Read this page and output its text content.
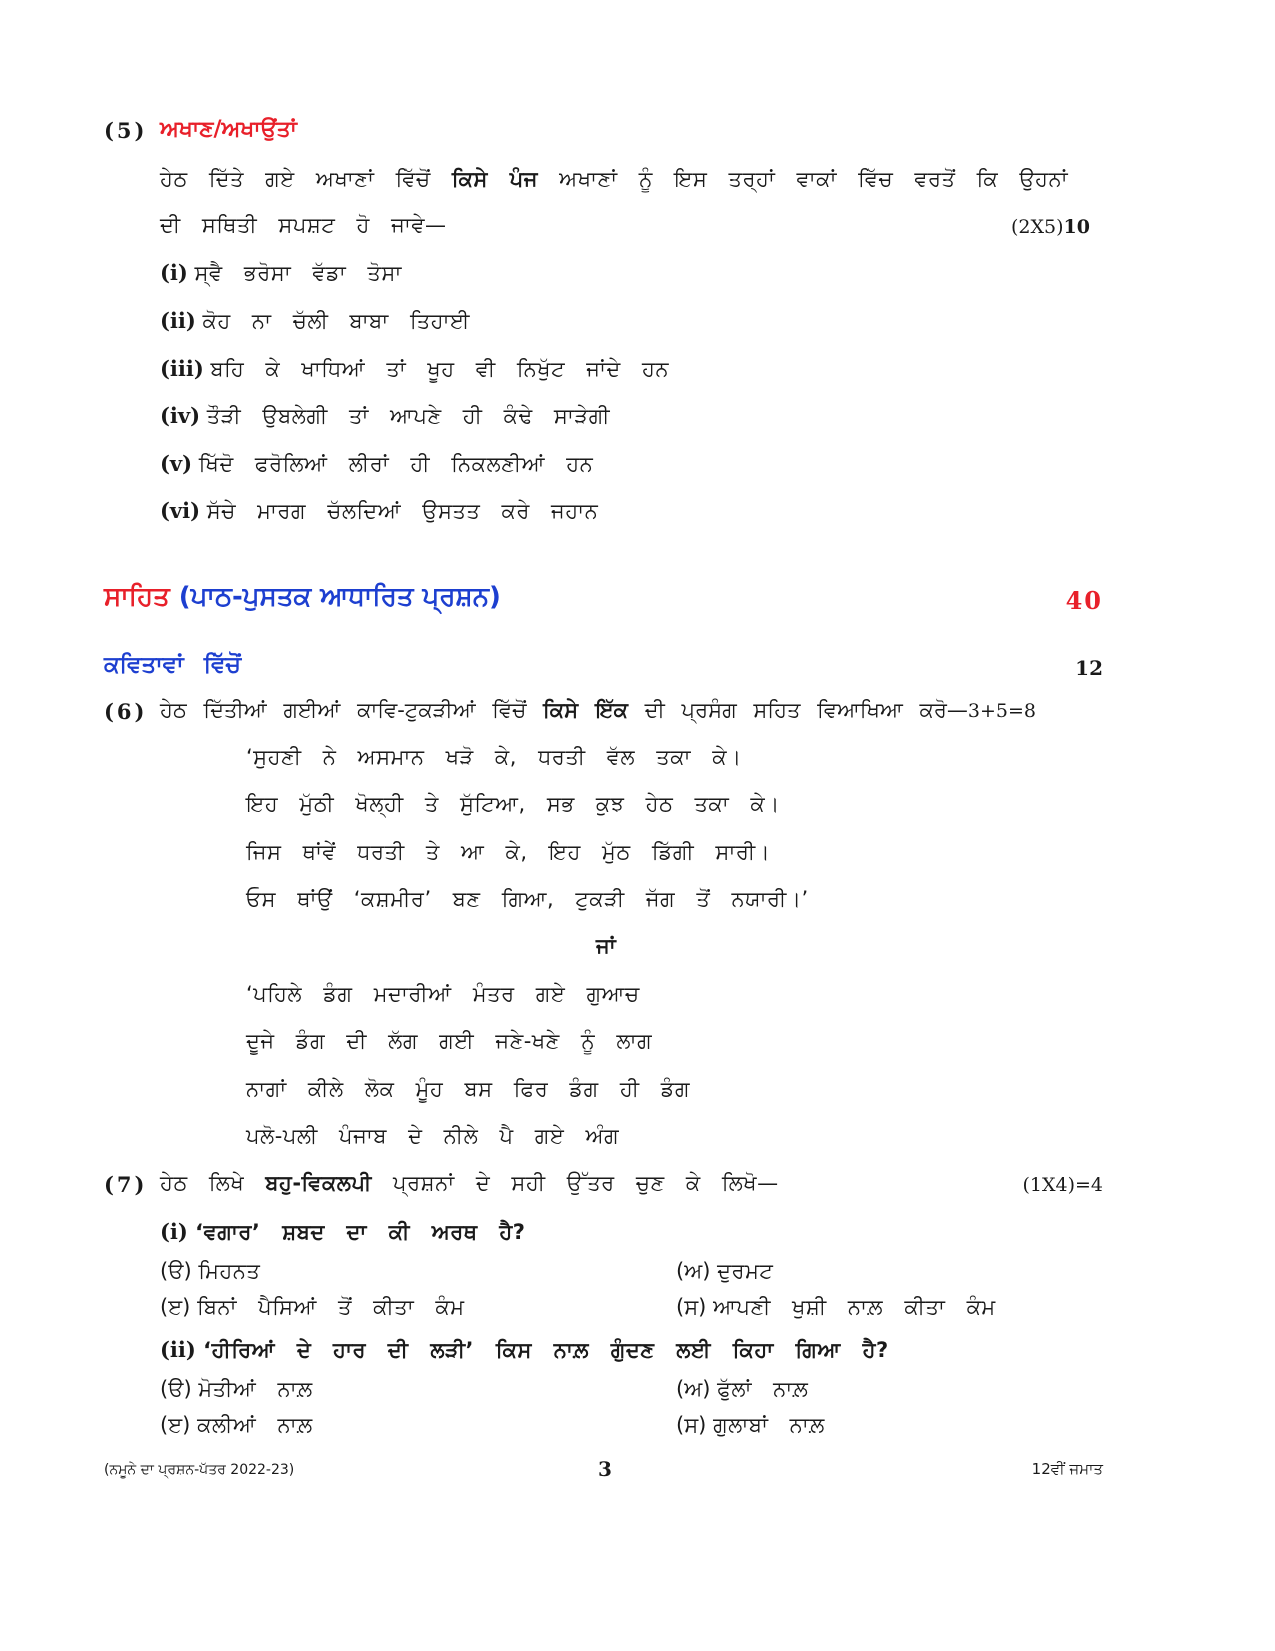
(5) ਅਖਾਣ/ਅਖਾਉਂਤਾਂ
ਹੇਠ ਦਿੱਤੇ ਗਏ ਅਖਾਣਾਂ ਵਿੱਚੋਂ ਕਿਸੇ ਪੰਜ ਅਖਾਣਾਂ ਨੂੰ ਇਸ ਤਰ੍ਹਾਂ ਵਾਕਾਂ ਵਿੱਚ ਵਰਤੋਂ ਕਿ ਉਹਨਾਂ
ਦੀ ਸਥਿਤੀ ਸਪਸ਼ਟ ਹੋ ਜਾਵੇ—	(2X5)10
(i) ਸ੍ਵੈ ਭਰੋਸਾ ਵੱਡਾ ਤੋਸਾ
(ii) ਕੋਹ ਨਾ ਚੱਲੀ ਬਾਬਾ ਤਿਹਾਈ
(iii) ਬਹਿ ਕੇ ਖਾਧਿਆਂ ਤਾਂ ਖੂਹ ਵੀ ਨਿਖੁੱਟ ਜਾਂਦੇ ਹਨ
(iv) ਤੌੜੀ ਉਬਲੇਗੀ ਤਾਂ ਆਪਣੇ ਹੀ ਕੰਢੇ ਸਾੜੇਗੀ
(v) ਖਿੱਦੋ ਫਰੋਲਿਆਂ ਲੀਰਾਂ ਹੀ ਨਿਕਲਣੀਆਂ ਹਨ
(vi) ਸੱਚੇ ਮਾਰਗ ਚੱਲਦਿਆਂ ਉਸਤਤ ਕਰੇ ਜਹਾਨ
ਸਾਹਿਤ (ਪਾਠ-ਪੁਸਤਕ ਆਧਾਰਿਤ ਪ੍ਰਸ਼ਨ)	40
ਕਵਿਤਾਵਾਂ ਵਿੱਚੋਂ	12
(6) ਹੇਠ ਦਿੱਤੀਆਂ ਗਈਆਂ ਕਾਵਿ-ਟੁਕੜੀਆਂ ਵਿੱਚੋਂ ਕਿਸੇ ਇੱਕ ਦੀ ਪ੍ਰਸੰਗ ਸਹਿਤ ਵਿਆਖਿਆ ਕਰੋ—3+5=8
‘ਸੁਹਣੀ ਨੇ ਅਸਮਾਨ ਖੜੋ ਕੇ, ਧਰਤੀ ਵੱਲ ਤਕਾ ਕੇ।
ਇਹ ਮੁੱਠੀ ਖੋਲ੍ਹੀ ਤੇ ਸੁੱਟਿਆ, ਸਭ ਕੁਝ ਹੇਠ ਤਕਾ ਕੇ।
ਜਿਸ ਥਾਂਵੇਂ ਧਰਤੀ ਤੇ ਆ ਕੇ, ਇਹ ਮੁੱਠ ਡਿੱਗੀ ਸਾਰੀ।
ਓਸ ਥਾਂਉਂ ‘ਕਸ਼ਮੀਰ’ ਬਣ ਗਿਆ, ਟੁਕੜੀ ਜੱਗ ਤੋਂ ਨਯਾਰੀ।’
ਜਾਂ
‘ਪਹਿਲੇ ਡੰਗ ਮਦਾਰੀਆਂ ਮੰਤਰ ਗਏ ਗੁਆਚ
ਦੂਜੇ ਡੰਗ ਦੀ ਲੱਗ ਗਈ ਜਣੇ-ਖਣੇ ਨੂੰ ਲਾਗ
ਨਾਗਾਂ ਕੀਲੇ ਲੋਕ ਮੂੰਹ ਬਸ ਫਿਰ ਡੰਗ ਹੀ ਡੰਗ
ਪਲੋ-ਪਲੀ ਪੰਜਾਬ ਦੇ ਨੀਲੇ ਪੈ ਗਏ ਅੰਗ
(7) ਹੇਠ ਲਿਖੇ ਬਹੁ-ਵਿਕਲਪੀ ਪ੍ਰਸ਼ਨਾਂ ਦੇ ਸਹੀ ਉੱਤਰ ਚੁਣ ਕੇ ਲਿਖੋ—	(1X4)=4
(i) ‘ਵਗਾਰ’ ਸ਼ਬਦ ਦਾ ਕੀ ਅਰਥ ਹੈ?
(ੳ) ਮਿਹਨਤ	(ਅ) ਦੁਰਮਟ
(ੲ) ਬਿਨਾਂ ਪੈਸਿਆਂ ਤੋਂ ਕੀਤਾ ਕੰਮ	(ਸ) ਆਪਣੀ ਖੁਸ਼ੀ ਨਾਲ਼ ਕੀਤਾ ਕੰਮ
(ii) ‘ਹੀਰਿਆਂ ਦੇ ਹਾਰ ਦੀ ਲੜੀ’ ਕਿਸ ਨਾਲ਼ ਗੁੰਦਣ ਲਈ ਕਿਹਾ ਗਿਆ ਹੈ?
(ੳ) ਮੋਤੀਆਂ ਨਾਲ਼	(ਅ) ਫੁੱਲਾਂ ਨਾਲ਼
(ੲ) ਕਲੀਆਂ ਨਾਲ਼	(ਸ) ਗੁਲਾਬਾਂ ਨਾਲ਼
(ਨਮੂਨੇ ਦਾ ਪ੍ਰਸ਼ਨ-ਪੱਤਰ 2022-23)	3	12ਵੀਂ ਜਮਾਤ
